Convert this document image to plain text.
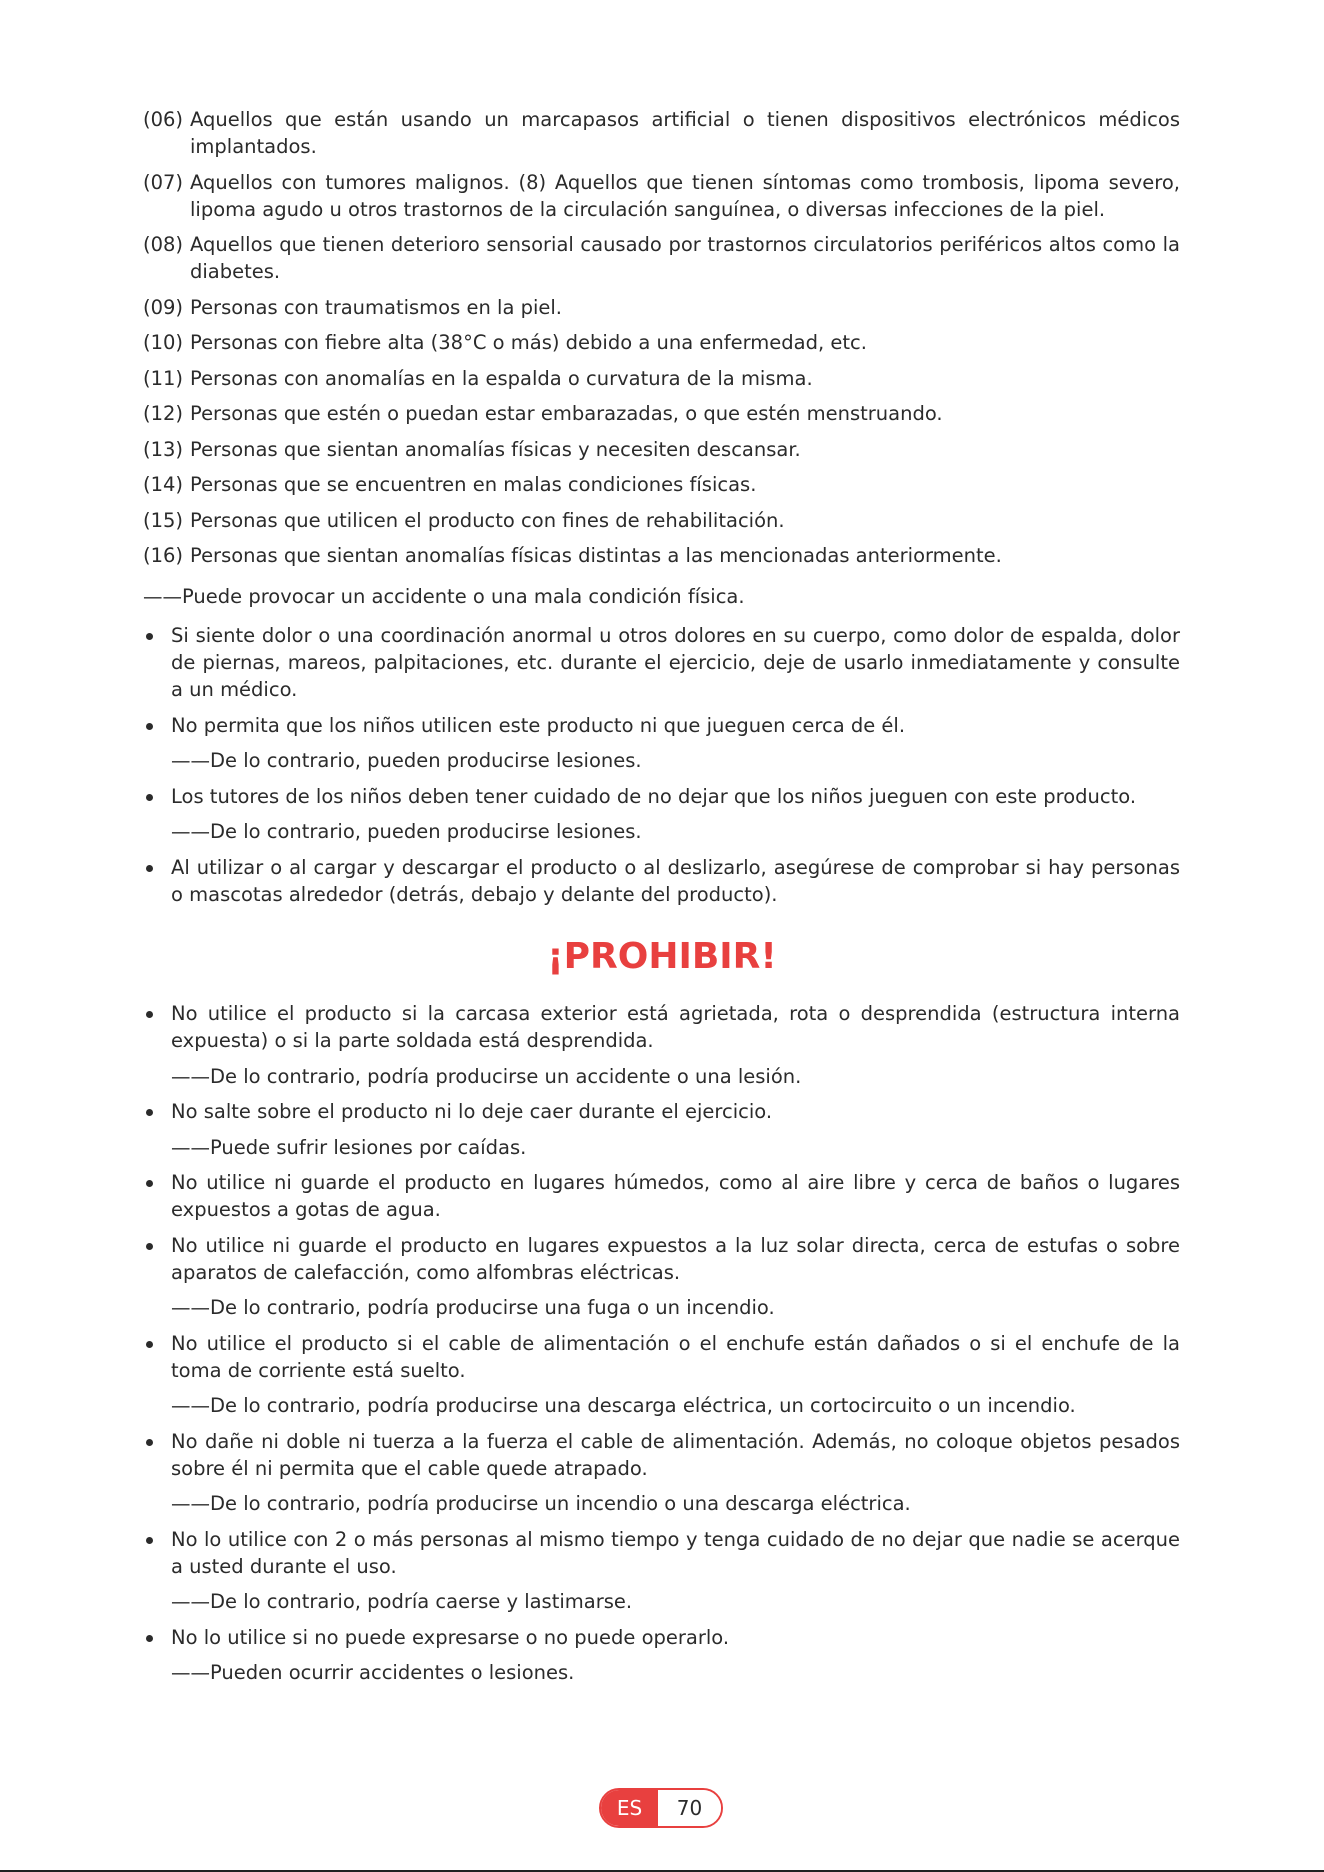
(06) Aquellos que están usando un marcapasos artificial o tienen dispositivos electrónicos médicos implantados.
(07) Aquellos con tumores malignos. (8) Aquellos que tienen síntomas como trombosis, lipoma severo, lipoma agudo u otros trastornos de la circulación sanguínea, o diversas infecciones de la piel.
(08) Aquellos que tienen deterioro sensorial causado por trastornos circulatorios periféricos altos como la diabetes.
(09) Personas con traumatismos en la piel.
(10) Personas con fiebre alta (38°C o más) debido a una enfermedad, etc.
(11) Personas con anomalías en la espalda o curvatura de la misma.
(12) Personas que estén o puedan estar embarazadas, o que estén menstruando.
(13) Personas que sientan anomalías físicas y necesiten descansar.
(14) Personas que se encuentren en malas condiciones físicas.
(15) Personas que utilicen el producto con fines de rehabilitación.
(16) Personas que sientan anomalías físicas distintas a las mencionadas anteriormente.
——Puede provocar un accidente o una mala condición física.
Si siente dolor o una coordinación anormal u otros dolores en su cuerpo, como dolor de espalda, dolor de piernas, mareos, palpitaciones, etc. durante el ejercicio, deje de usarlo inmediatamente y consulte a un médico.
No permita que los niños utilicen este producto ni que jueguen cerca de él.
——De lo contrario, pueden producirse lesiones.
Los tutores de los niños deben tener cuidado de no dejar que los niños jueguen con este producto.
——De lo contrario, pueden producirse lesiones.
Al utilizar o al cargar y descargar el producto o al deslizarlo, asegúrese de comprobar si hay personas o mascotas alrededor (detrás, debajo y delante del producto).
¡PROHIBIR!
No utilice el producto si la carcasa exterior está agrietada, rota o desprendida (estructura interna expuesta) o si la parte soldada está desprendida.
——De lo contrario, podría producirse un accidente o una lesión.
No salte sobre el producto ni lo deje caer durante el ejercicio.
——Puede sufrir lesiones por caídas.
No utilice ni guarde el producto en lugares húmedos, como al aire libre y cerca de baños o lugares expuestos a gotas de agua.
No utilice ni guarde el producto en lugares expuestos a la luz solar directa, cerca de estufas o sobre aparatos de calefacción, como alfombras eléctricas.
——De lo contrario, podría producirse una fuga o un incendio.
No utilice el producto si el cable de alimentación o el enchufe están dañados o si el enchufe de la toma de corriente está suelto.
——De lo contrario, podría producirse una descarga eléctrica, un cortocircuito o un incendio.
No dañe ni doble ni tuerza a la fuerza el cable de alimentación. Además, no coloque objetos pesados sobre él ni permita que el cable quede atrapado.
——De lo contrario, podría producirse un incendio o una descarga eléctrica.
No lo utilice con 2 o más personas al mismo tiempo y tenga cuidado de no dejar que nadie se acerque a usted durante el uso.
——De lo contrario, podría caerse y lastimarse.
No lo utilice si no puede expresarse o no puede operarlo.
——Pueden ocurrir accidentes o lesiones.
ES	70
